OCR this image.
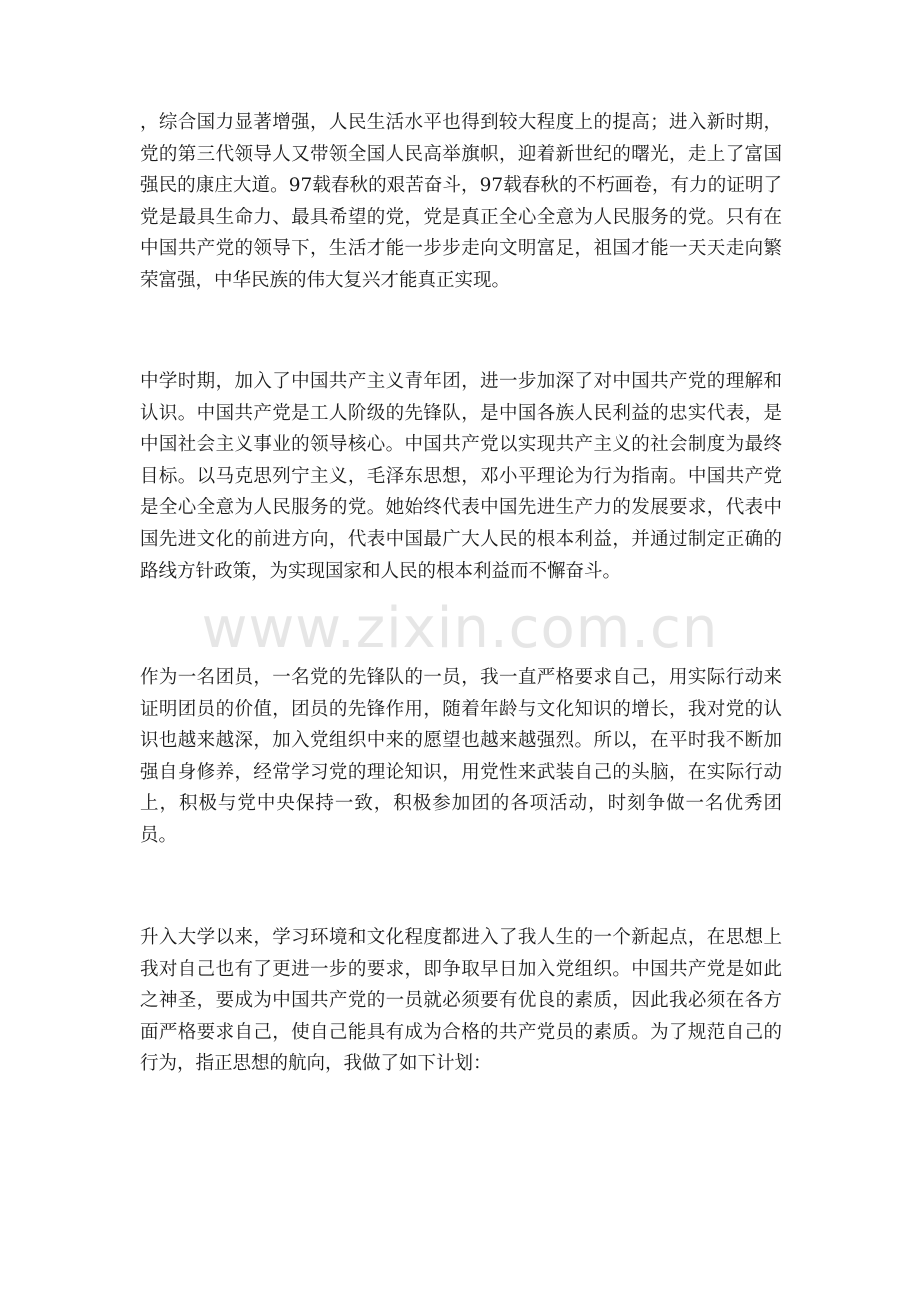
，综合国力显著增强，人民生活水平也得到较大程度上的提高；进入新时期，党的第三代领导人又带领全国人民高举旗帜，迎着新世纪的曙光，走上了富国强民的康庄大道。97载春秋的艰苦奋斗，97载春秋的不朽画卷，有力的证明了党是最具生命力、最具希望的党，党是真正全心全意为人民服务的党。只有在中国共产党的领导下，生活才能一步步走向文明富足，祖国才能一天天走向繁荣富强，中华民族的伟大复兴才能真正实现。

中学时期，加入了中国共产主义青年团，进一步加深了对中国共产党的理解和认识。中国共产党是工人阶级的先锋队，是中国各族人民利益的忠实代表，是中国社会主义事业的领导核心。中国共产党以实现共产主义的社会制度为最终目标。以马克思列宁主义，毛泽东思想，邓小平理论为行为指南。中国共产党是全心全意为人民服务的党。她始终代表中国先进生产力的发展要求，代表中国先进文化的前进方向，代表中国最广大人民的根本利益，并通过制定正确的路线方针政策，为实现国家和人民的根本利益而不懈奋斗。

www.zixin.com.cn

作为一名团员，一名党的先锋队的一员，我一直严格要求自己，用实际行动来证明团员的价值，团员的先锋作用，随着年龄与文化知识的增长，我对党的认识也越来越深，加入党组织中来的愿望也越来越强烈。所以，在平时我不断加强自身修养，经常学习党的理论知识，用党性来武装自己的头脑，在实际行动上，积极与党中央保持一致，积极参加团的各项活动，时刻争做一名优秀团员。

升入大学以来，学习环境和文化程度都进入了我人生的一个新起点，在思想上我对自己也有了更进一步的要求，即争取早日加入党组织。中国共产党是如此之神圣，要成为中国共产党的一员就必须要有优良的素质，因此我必须在各方面严格要求自己，使自己能具有成为合格的共产党员的素质。为了规范自己的行为，指正思想的航向，我做了如下计划：
